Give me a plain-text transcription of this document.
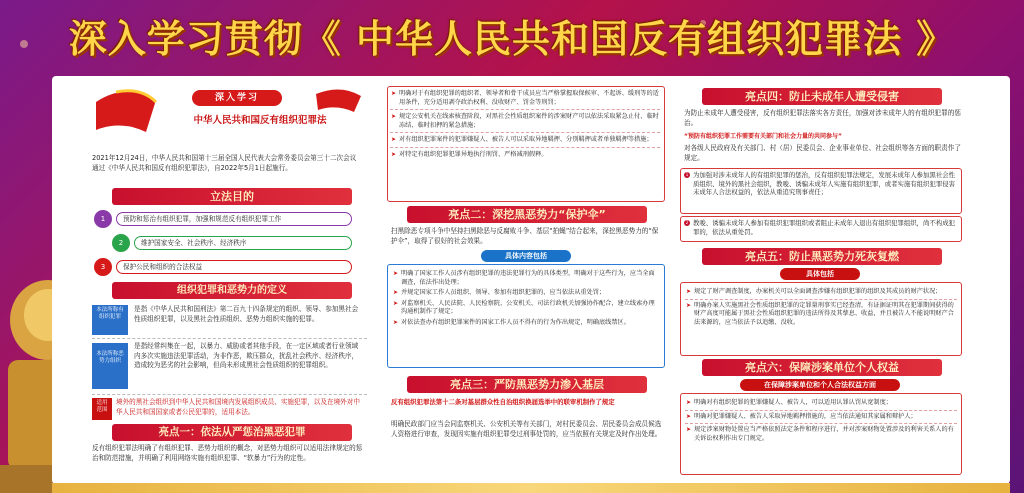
深入学习贯彻《 中华人民共和国反有组织犯罪法 》
深入学习
中华人民共和国反有组织犯罪法
2021年12月24日，中华人民共和国第十三届全国人民代表大会常务委员会第三十二次会议通过《中华人民共和国反有组织犯罪法》，自2022年5月1日起施行。
立法目的
1	预防和惩治有组织犯罪，加强和规范反有组织犯罪工作
2	维护国家安全、社会秩序、经济秩序
3	保护公民和组织的合法权益
组织犯罪和恶势力的定义
本法所称有组织犯罪
是指《中华人民共和国刑法》第二百九十四条规定的组织、领导、参加黑社会性质组织犯罪，以及黑社会性质组织、恶势力组织实施的犯罪。
本法所称恶势力组织
是指经常纠集在一起，以暴力、威胁或者其他手段，在一定区域或者行业领域内多次实施违法犯罪活动，为非作恶，欺压群众，扰乱社会秩序、经济秩序，造成较为恶劣的社会影响，但尚未形成黑社会性质组织的犯罪组织。
适用范围
境外的黑社会组织到中华人民共和国境内发展组织成员、实施犯罪，以及在境外对中华人民共和国国家或者公民犯罪的，适用本法。
亮点一：依法从严惩治黑恶犯罪
反有组织犯罪法明确了有组织犯罪、恶势力组织的概念，对恶势力组织可以适用法律规定的惩治和防范措施，并明确了利用网络实施有组织犯罪、“软暴力”行为的定性。
➤ 明确对于有组织犯罪的组织者、领导者和骨干成员应当严格掌握取保候审、不起诉、缓刑等的适用条件，充分适用剥夺政治权利、没收财产、罚金等刑罚；
➤ 规定公安机关在线索核查阶段，对黑社会性质组织案件的涉案财产可以依法采取紧急止付、临时冻结、临时扣押的紧急措施；
➤ 对有组织犯罪案件的犯罪嫌疑人、被告人可以采取异地羁押、分别羁押或者单独羁押等措施；
➤ 对特定有组织犯罪犯罪异地执行刑罚、严格减刑假释。
亮点二：深挖黑恶势力“保护伞”
扫黑除恶专项斗争中坚持扫黑除恶与反腐败斗争、基层“拍蝇”结合起来，深挖黑恶势力的“保护伞”，取得了很好的社会效果。
具体内容包括
➤ 明确了国家工作人员涉有组织犯罪的违法犯罪行为的具体类型，明确对于这些行为，应当全面调查，依法作出处理；
➤ 并规定国家工作人员组织、领导、参加有组织犯罪的，应当依法从重处罚；
➤ 对监察机关、人民法院、人民检察院、公安机关、司法行政机关加强协作配合，建立线索办理沟通机制作了规定；
➤ 对依法查办有组织犯罪案件的国家工作人员不得有的行为作出规定，明确底线禁区。
亮点三：严防黑恶势力渗入基层
反有组织犯罪法第十二条对基层群众性自治组织换届选举中的联审机制作了规定
明确民政部门应当会同监察机关、公安机关等有关部门，对村民委员会、居民委员会成员候选人资格进行审查，发现因实施有组织犯罪受过刑事处罚的，应当依照有关规定及时作出处理。
亮点四：防止未成年人遭受侵害
为防止未成年人遭受侵害，反有组织犯罪法落实各方责任，加强对涉未成年人的有组织犯罪的惩治。
“预防有组织犯罪工作需要有关部门和社会力量的共同参与”
对各级人民政府及有关部门、村（居）民委员会、企业事业单位、社会组织等各方面的职责作了规定。
1 为加强对涉未成年人的有组织犯罪的惩治，反有组织犯罪法规定，发展未成年人参加黑社会性质组织、境外的黑社会组织，教唆、诱骗未成年人实施有组织犯罪，或者实施有组织犯罪侵害未成年人合法权益的，依法从重追究刑事责任；
2 教唆、诱骗未成年人参加有组织犯罪组织或者阻止未成年人退出有组织犯罪组织，尚不构成犯罪的，依法从重处罚。
亮点五：防止黑恶势力死灰复燃
具体包括
➤ 规定了财产调查制度，办案机关可以全面调查涉嫌有组织犯罪的组织及其成员的财产状况；
➤ 明确办案人实施黑社会性质组织犯罪的定罪量刑事实已经查清，有证据证明其在犯罪期间获得的财产高度可能属于黑社会性质组织犯罪的违法所得及其孳息、收益，并且被告人不能说明财产合法来源的，应当依法予以追缴、没收。
亮点六：保障涉案单位个人权益
在保障涉案单位和个人合法权益方面
➤ 明确对有组织犯罪的犯罪嫌疑人、被告人，可以适用认罪认罚从宽制度；
➤ 明确对犯罪嫌疑人、被告人采取异地羁押措施的，应当依法通知其家属和辩护人；
➤ 规定涉案财物处置应当严格依照法定条件和程序进行，并对涉案财物处置涉及的利害关系人的有关诉讼权利作出专门规定。
